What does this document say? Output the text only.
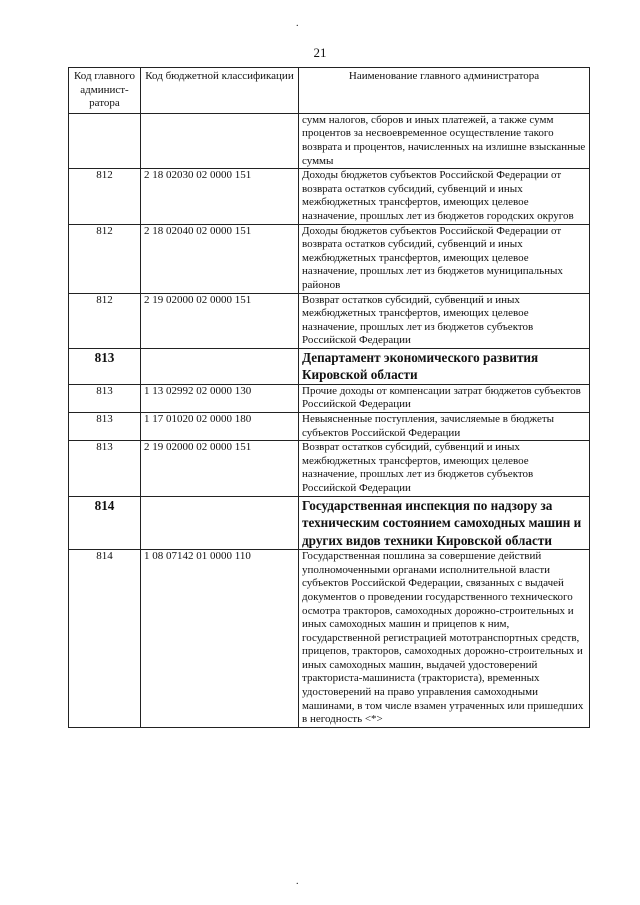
.
21
Код главного админист-ратора	Код бюджетной классификации	Наименование главного администратора
		сумм налогов, сборов и иных платежей, а также сумм процентов за несвоевременное осуществление такого возврата и процентов, начисленных на излишне взысканные суммы
812	2 18 02030 02 0000 151	Доходы бюджетов субъектов Российской Федерации от возврата остатков субсидий, субвенций и иных межбюджетных трансфертов, имеющих целевое назначение, прошлых лет из бюджетов городских округов
812	2 18 02040 02 0000 151	Доходы бюджетов субъектов Российской Федерации от возврата остатков субсидий, субвенций и иных межбюджетных трансфертов, имеющих целевое назначение, прошлых лет из бюджетов муниципальных районов
812	2 19 02000 02 0000 151	Возврат остатков субсидий, субвенций и иных межбюджетных трансфертов, имеющих целевое назначение, прошлых лет из бюджетов субъектов Российской Федерации
813		Департамент экономического развития Кировской области
813	1 13 02992 02 0000 130	Прочие доходы от компенсации затрат бюджетов субъектов Российской Федерации
813	1 17 01020 02 0000 180	Невыясненные поступления, зачисляемые в бюджеты субъектов Российской Федерации
813	2 19 02000 02 0000 151	Возврат остатков субсидий, субвенций и иных межбюджетных трансфертов, имеющих целевое назначение, прошлых лет из бюджетов субъектов Российской Федерации
814		Государственная инспекция по надзору за техническим состоянием самоходных машин и других видов техники Кировской области
814	1 08 07142 01 0000 110	Государственная пошлина за совершение действий уполномоченными органами исполнительной власти субъектов Российской Федерации, связанных с выдачей документов о проведении государственного технического осмотра тракторов, самоходных дорожно-строительных и иных самоходных машин и прицепов к ним, государственной регистрацией мототранспортных средств, прицепов, тракторов, самоходных дорожно-строительных и иных самоходных машин, выдачей удостоверений тракториста-машиниста (тракториста), временных удостоверений на право управления самоходными машинами, в том числе взамен утраченных или пришедших в негодность <*>
.
